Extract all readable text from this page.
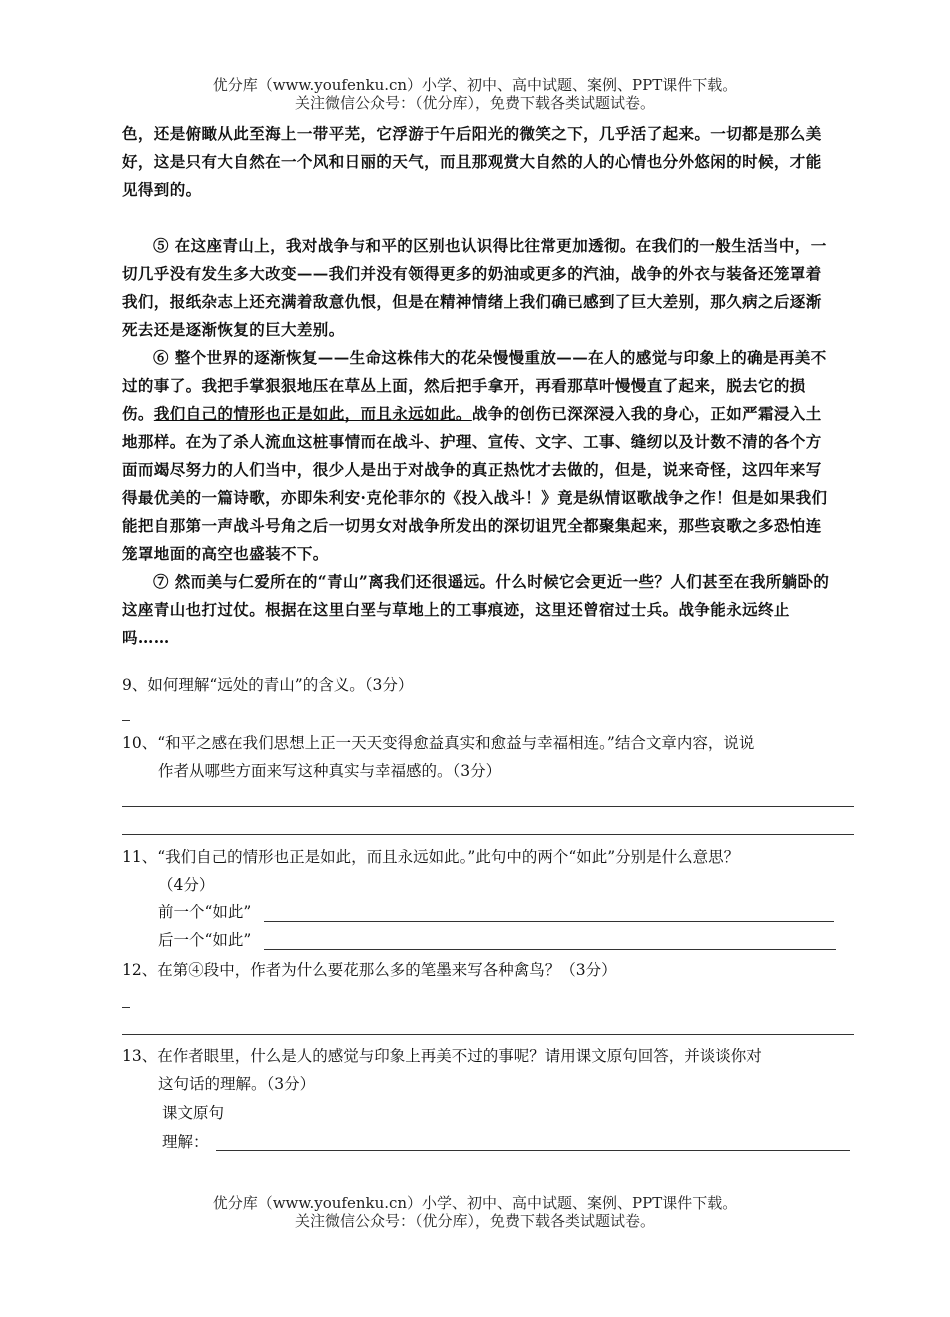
优分库（www.youfenku.cn）小学、初中、高中试题、案例、PPT课件下载。
关注微信公众号：（优分库），免费下载各类试题试卷。

色，还是俯瞰从此至海上一带平芜，它浮游于午后阳光的微笑之下，几乎活了起来。一切都是那么美好，这是只有大自然在一个风和日丽的天气，而且那观赏大自然的人的心情也分外悠闲的时候，才能见得到的。

⑤ 在这座青山上，我对战争与和平的区别也认识得比往常更加透彻。在我们的一般生活当中，一切几乎没有发生多大改变——我们并没有领得更多的奶油或更多的汽油，战争的外衣与装备还笼罩着我们，报纸杂志上还充满着敌意仇恨，但是在精神情绪上我们确已感到了巨大差别，那久病之后逐渐死去还是逐渐恢复的巨大差别。

⑥ 整个世界的逐渐恢复——生命这株伟大的花朵慢慢重放——在人的感觉与印象上的确是再美不过的事了。我把手掌狠狠地压在草丛上面，然后把手拿开，再看那草叶慢慢直了起来，脱去它的损伤。我们自己的情形也正是如此，而且永远如此。战争的创伤已深深浸入我的身心，正如严霜浸入土地那样。在为了杀人流血这桩事情而在战斗、护理、宣传、文字、工事、缝纫以及计数不清的各个方面而竭尽努力的人们当中，很少人是出于对战争的真正热忱才去做的，但是，说来奇怪，这四年来写得最优美的一篇诗歌，亦即朱利安·克伦菲尔的《投入战斗！》竟是纵情讴歌战争之作！但是如果我们能把自那第一声战斗号角之后一切男女对战争所发出的深切诅咒全都聚集起来，那些哀歌之多恐怕连笼罩地面的高空也盛装不下。

⑦ 然而美与仁爱所在的“青山”离我们还很遥远。什么时候它会更近一些？人们甚至在我所躺卧的这座青山也打过仗。根据在这里白垩与草地上的工事痕迹，这里还曾宿过士兵。战争能永远终止吗……

9、如何理解“远处的青山”的含义。（3分）
10、“和平之感在我们思想上正一天天变得愈益真实和愈益与幸福相连。”结合文章内容，说说
作者从哪些方面来写这种真实与幸福感的。（3分）
11、“我们自己的情形也正是如此，而且永远如此。”此句中的两个“如此”分别是什么意思？
（4分）
前一个“如此”
后一个“如此”
12、在第④段中，作者为什么要花那么多的笔墨来写各种禽鸟？（3分）
13、在作者眼里，什么是人的感觉与印象上再美不过的事呢？请用课文原句回答，并谈谈你对
这句话的理解。（3分）
课文原句
理解：
优分库（www.youfenku.cn）小学、初中、高中试题、案例、PPT课件下载。
关注微信公众号：（优分库），免费下载各类试题试卷。
